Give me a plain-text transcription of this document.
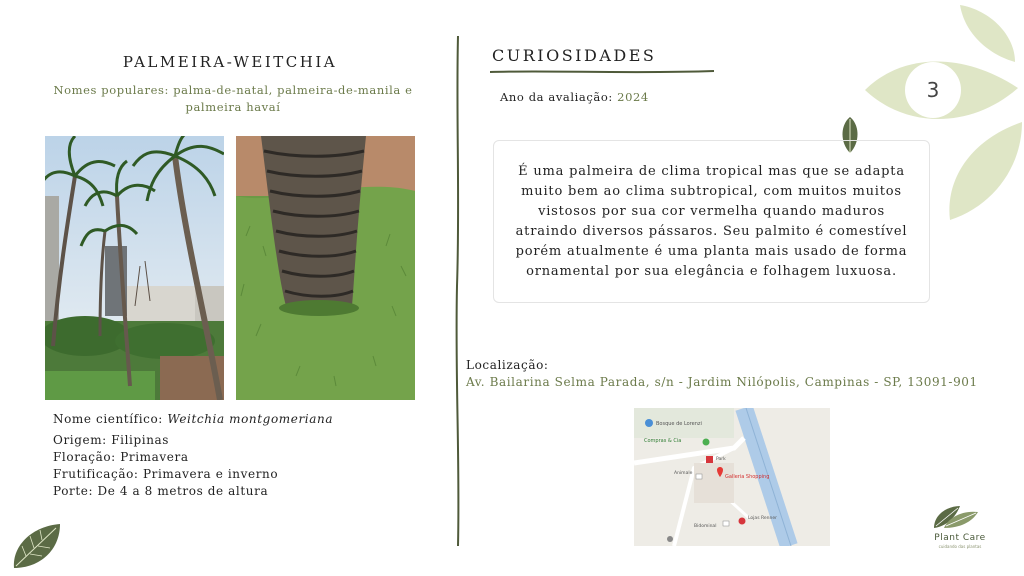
3
PALMEIRA-WEITCHIA
Nomes populares: palma-de-natal, palmeira-de-manila e palmeira havaí
Nome científico: Weitchia montgomeriana
Origem: Filipinas
Floração: Primavera
Frutificação: Primavera e inverno
Porte: De 4 a 8 metros de altura
CURIOSIDADES
Ano da avaliação: 2024
É uma palmeira de clima tropical mas que se adapta muito bem ao clima subtropical, com muitos muitos vistosos por sua cor vermelha quando maduros atraindo diversos pássaros. Seu palmito é comestível porém atualmente é uma planta mais usado de forma ornamental por sua elegância e folhagem luxuosa.
Localização:
Av. Bailarina Selma Parada, s/n - Jardim Nilópolis, Campinas - SP, 13091-901
Bosque de Lorenzi
Compras & Cia
Park
Galleria Shopping
Animale
Lojas Renner
Bidominal
Plant Care
cuidando das plantas
